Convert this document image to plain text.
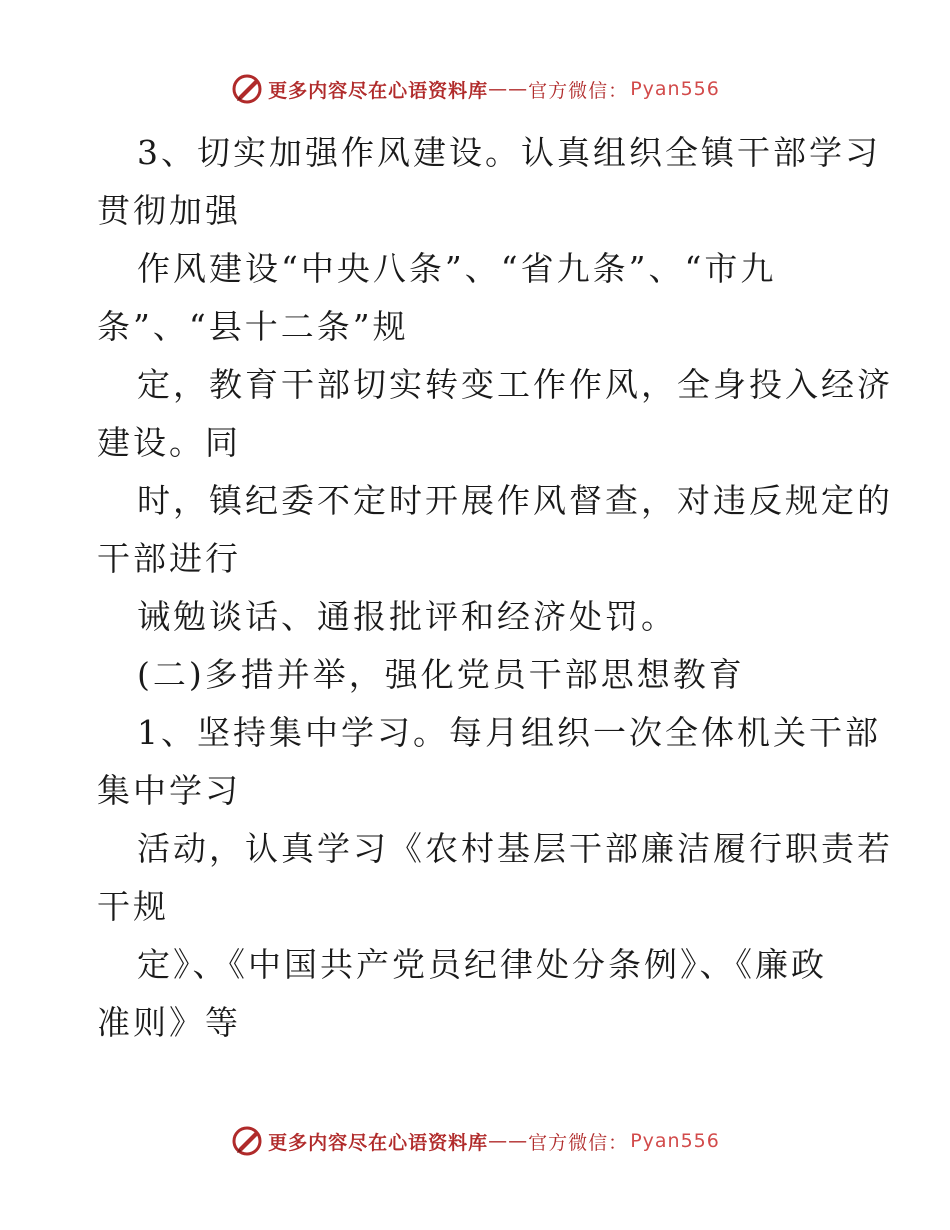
更多内容尽在心语资料库 —— 官方微信： Pyan556
3、切实加强作风建设。认真组织全镇干部学习
贯彻加强
作风建设“中央八条”、“省九条”、“市九
条”、“县十二条”规
定，教育干部切实转变工作作风，全身投入经济
建设。同
时，镇纪委不定时开展作风督查，对违反规定的
干部进行
诫勉谈话、通报批评和经济处罚。
(二)多措并举，强化党员干部思想教育
1、坚持集中学习。每月组织一次全体机关干部
集中学习
活动，认真学习《农村基层干部廉洁履行职责若
干规
定》、《中国共产党员纪律处分条例》、《廉政
准则》等
更多内容尽在心语资料库 —— 官方微信： Pyan556
